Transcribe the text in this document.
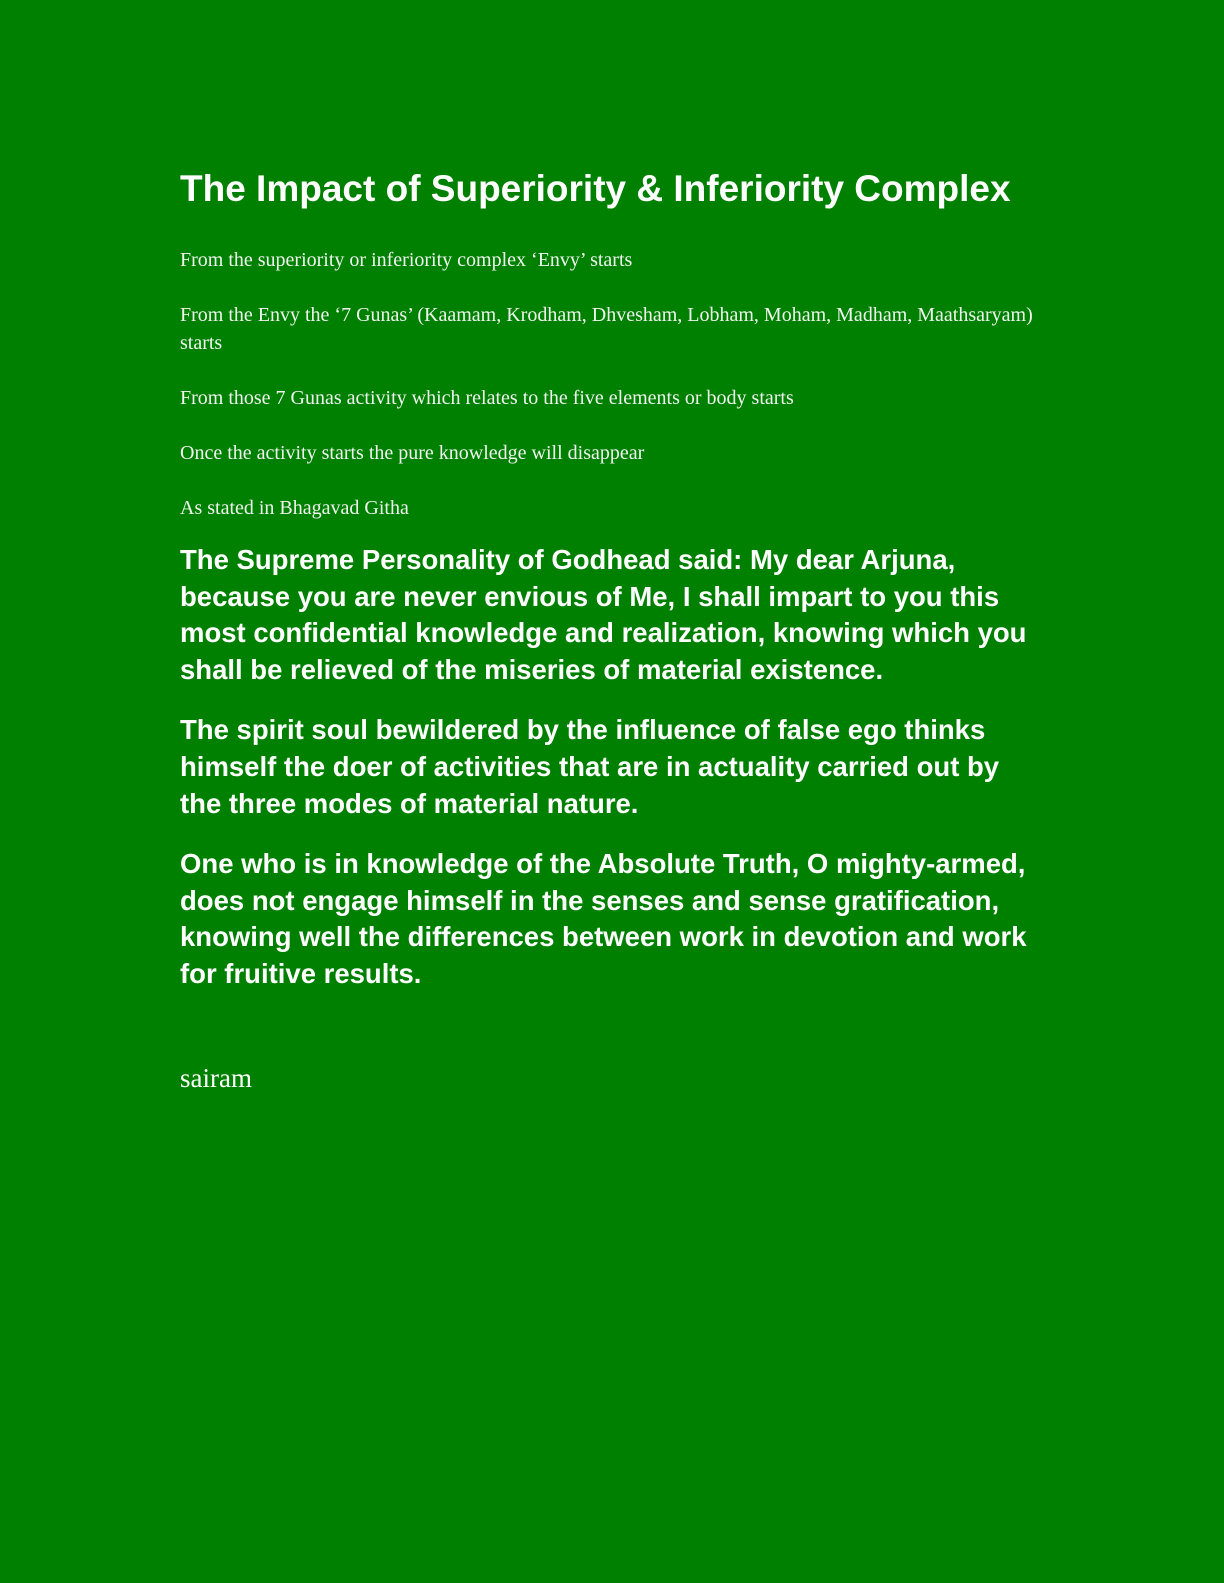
The Impact of Superiority & Inferiority Complex

From the superiority or inferiority complex ‘Envy’ starts

From the Envy the ‘7 Gunas’ (Kaamam, Krodham, Dhvesham, Lobham, Moham, Madham, Maathsaryam) starts

From those 7 Gunas activity which relates to the five elements or body starts

Once the activity starts the pure knowledge will disappear

As stated in Bhagavad Githa

The Supreme Personality of Godhead said: My dear Arjuna, because you are never envious of Me, I shall impart to you this most confidential knowledge and realization, knowing which you shall be relieved of the miseries of material existence.

The spirit soul bewildered by the influence of false ego thinks himself the doer of activities that are in actuality carried out by the three modes of material nature.

One who is in knowledge of the Absolute Truth, O mighty-armed, does not engage himself in the senses and sense gratification, knowing well the differences between work in devotion and work for fruitive results.

sairam
